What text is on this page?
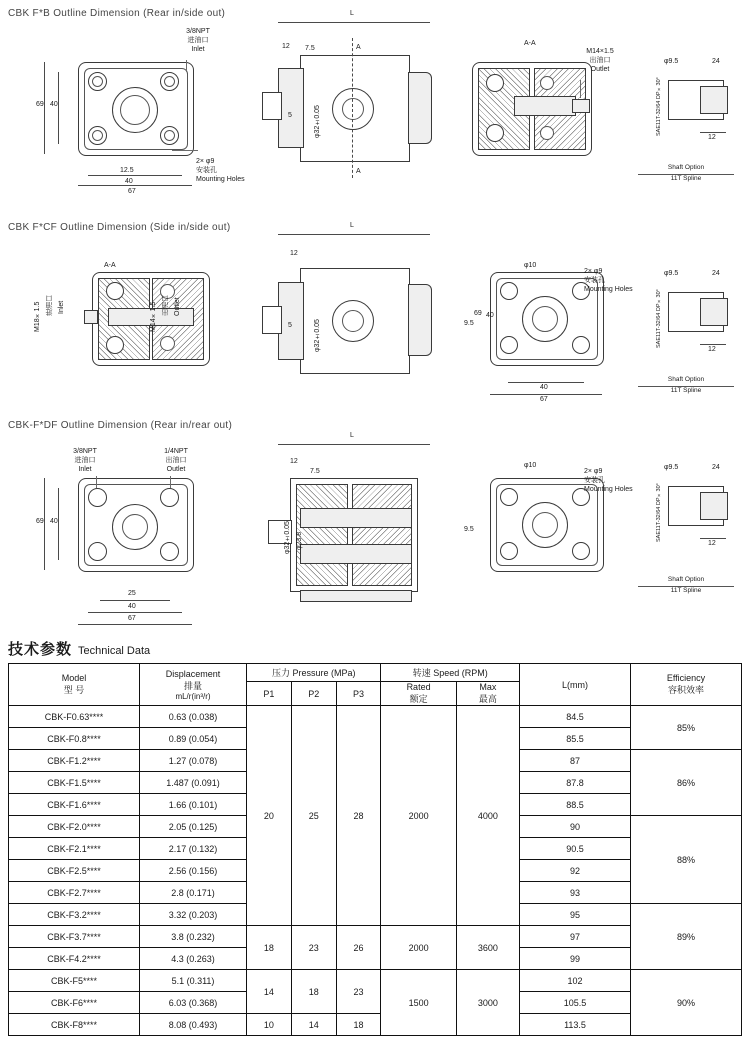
CBK F*B Outline Dimension (Rear in/side out)
69 40
40
67
12.5
3/8NPT
进油口
Inlet
2× φ9
安装孔
Mounting Holes
L
12 7.5
5	φ32±0.05
A
A
A-A
M14×1.5
出油口
Outlet
SAE11T-32/64 DP×30°
φ9.5	24
12
Shaft Option
11T Spline
CBK F*CF Outline Dimension (Side in/side out)
A-A
M18×1.5 进油口 Inlet	M14×1.5 出油口 Outlet
L
12
5	φ32±0.05
φ10
2× φ9
安装孔
Mounting Holes
9.5
69 40
40
67
SAE11T-32/64 DP×30°
φ9.5	24
12
Shaft Option
11T Spline
CBK-F*DF Outline Dimension (Rear in/rear out)
69 40
25
40
67
3/8NPT
进油口
Inlet
1/4NPT
出油口
Outlet
L
12
7.5
φ32±0.05 φ23.8
φ10
2× φ9
安装孔
Mounting Holes
9.5	SAE11T-32/64 DP×30°
φ9.5	24
12
Shaft Option
11T Spline
技术参数 Technical Data
Model
型 号

Displacement
排量
mL/r(in³/r)
	压力 Pressure (MPa)	转速 Speed (RPM)	L(mm)	
Efficiency
容积效率

P1	P2	P3	
Rated
额定

Max
最高

CBK-F0.63****	0.63 (0.038)	20	25	28	2000	4000	84.5	85%
CBK-F0.8****	0.89 (0.054)						85.5	
CBK-F1.2****	1.27 (0.078)						87	86%
CBK-F1.5****	1.487 (0.091)						87.8	
CBK-F1.6****	1.66 (0.101)						88.5	
CBK-F2.0****	2.05 (0.125)						90	88%
CBK-F2.1****	2.17 (0.132)						90.5	
CBK-F2.5****	2.56 (0.156)						92	
CBK-F2.7****	2.8 (0.171)						93	
CBK-F3.2****	3.32 (0.203)						95	89%
CBK-F3.7****	3.8 (0.232)	18	23	26	2000	3600	97	
CBK-F4.2****	4.3 (0.263)						99	
CBK-F5****	5.1 (0.311)	14	18	23	1500	3000	102	90%
CBK-F6****	6.03 (0.368)						105.5	
CBK-F8****	8.08 (0.493)	10	14	18			113.5	
